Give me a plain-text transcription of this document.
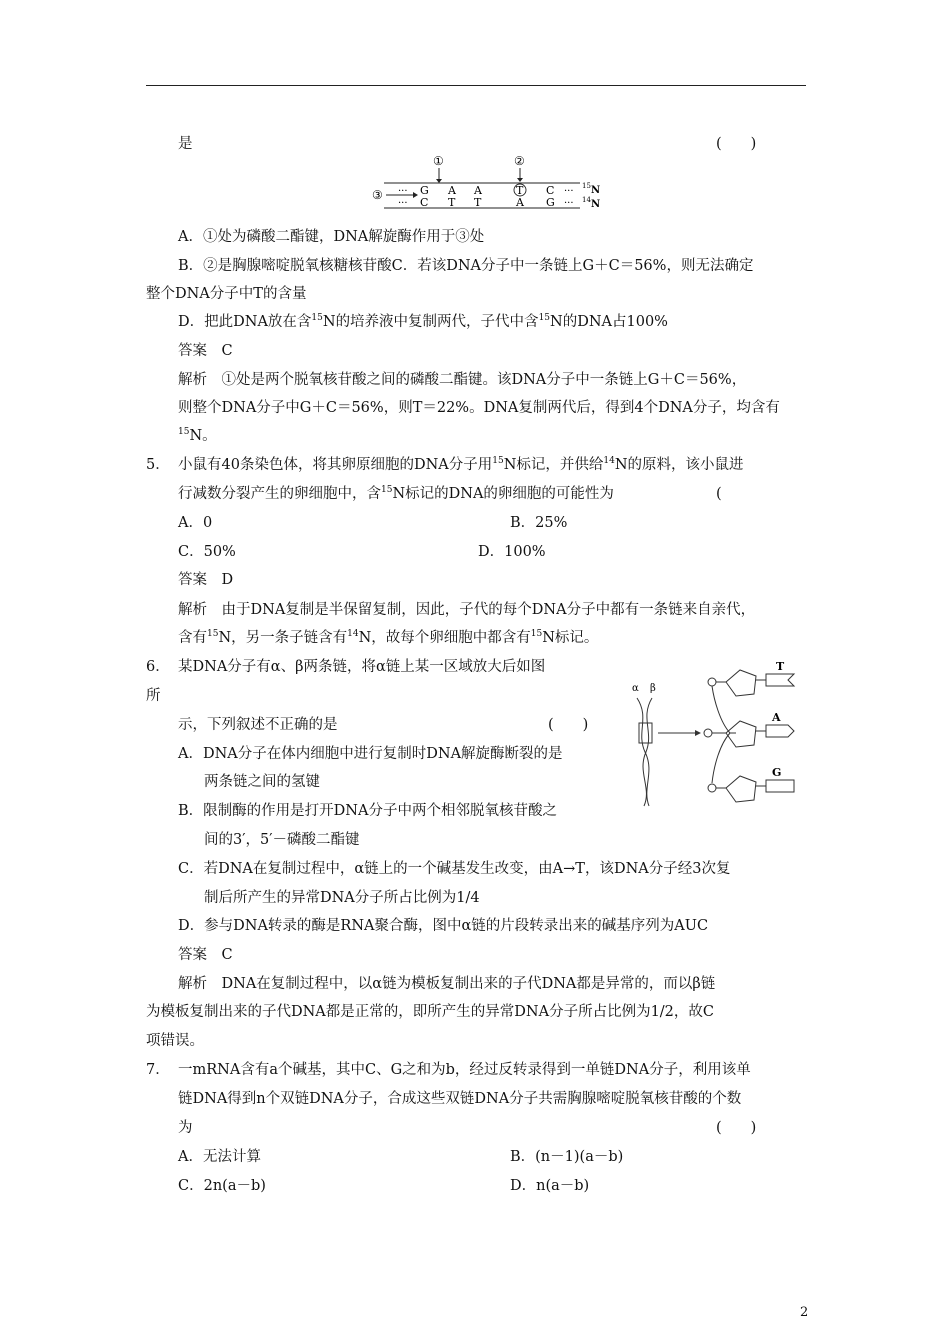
是	(　　)
①	②
③ ···
···
G A A	T C
C T T	A G
···
···
15 N
14 N
A．①处为磷酸二酯键，DNA解旋酶作用于③处
B．②是胸腺嘧啶脱氧核糖核苷酸C．若该DNA分子中一条链上G＋C＝56%，则无法确定
整个DNA分子中T的含量
D．把此DNA放在含$^{15}$N的培养液中复制两代，子代中含$^{15}$N的DNA占100%
答案　C
解析　①处是两个脱氧核苷酸之间的磷酸二酯键。该DNA分子中一条链上G＋C＝56%，
则整个DNA分子中G＋C＝56%，则T＝22%。DNA复制两代后，得到4个DNA分子，均含有
$^{15}$N。
5． 小鼠有40条染色体，将其卵原细胞的DNA分子用$^{15}$N标记，并供给$^{14}$N的原料，该小鼠进
行减数分裂产生的卵细胞中，含$^{15}$N标记的DNA的卵细胞的可能性为	(
A．0	B．25%
C．50%	D．100%
答案　D
解析　由于DNA复制是半保留复制，因此，子代的每个DNA分子中都有一条链来自亲代，
含有$^{15}$N，另一条子链含有$^{14}$N，故每个卵细胞中都含有$^{15}$N标记。
6． 某DNA分子有α、β两条链，将α链上某一区域放大后如图
所
示，下列叙述不正确的是	(　　)
A．DNA分子在体内细胞中进行复制时DNA解旋酶断裂的是
两条链之间的氢键
B．限制酶的作用是打开DNA分子中两个相邻脱氧核苷酸之
间的3′，5′－磷酸二酯键
C．若DNA在复制过程中，α链上的一个碱基发生改变，由A→T，该DNA分子经3次复
制后所产生的异常DNA分子所占比例为1/4
D．参与DNA转录的酶是RNA聚合酶，图中α链的片段转录出来的碱基序列为AUC
答案　C
解析　DNA在复制过程中，以α链为模板复制出来的子代DNA都是异常的，而以β链
为模板复制出来的子代DNA都是正常的，即所产生的异常DNA分子所占比例为1/2，故C
项错误。
α β
T
A
G
7． 一mRNA含有a个碱基，其中C、G之和为b，经过反转录得到一单链DNA分子，利用该单
链DNA得到n个双链DNA分子，合成这些双链DNA分子共需胸腺嘧啶脱氧核苷酸的个数
为	(　　)
A．无法计算	B．(n－1)(a－b)
C．2n(a－b)	D．n(a－b)
2
